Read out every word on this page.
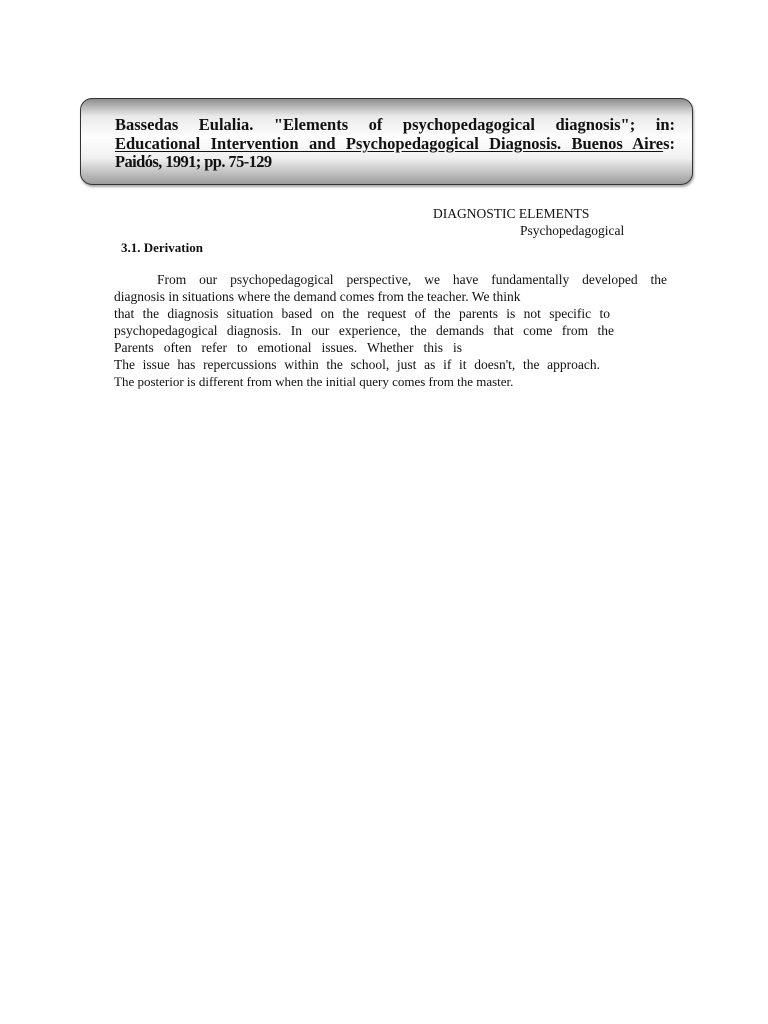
Bassedas Eulalia. "Elements of psychopedagogical diagnosis"; in:
Educational Intervention and Psychopedagogical Diagnosis. Buenos Aires:
Paidós, 1991; pp. 75-129
DIAGNOSTIC ELEMENTS
Psychopedagogical
3.1. Derivation
From our psychopedagogical perspective, we have fundamentally developed the
diagnosis in situations where the demand comes from the teacher. We think
that the diagnosis situation based on the request of the parents is not specific to
psychopedagogical diagnosis. In our experience, the demands that come from the
Parents often refer to emotional issues. Whether this is
The issue has repercussions within the school, just as if it doesn't, the approach.
The posterior is different from when the initial query comes from the master.
